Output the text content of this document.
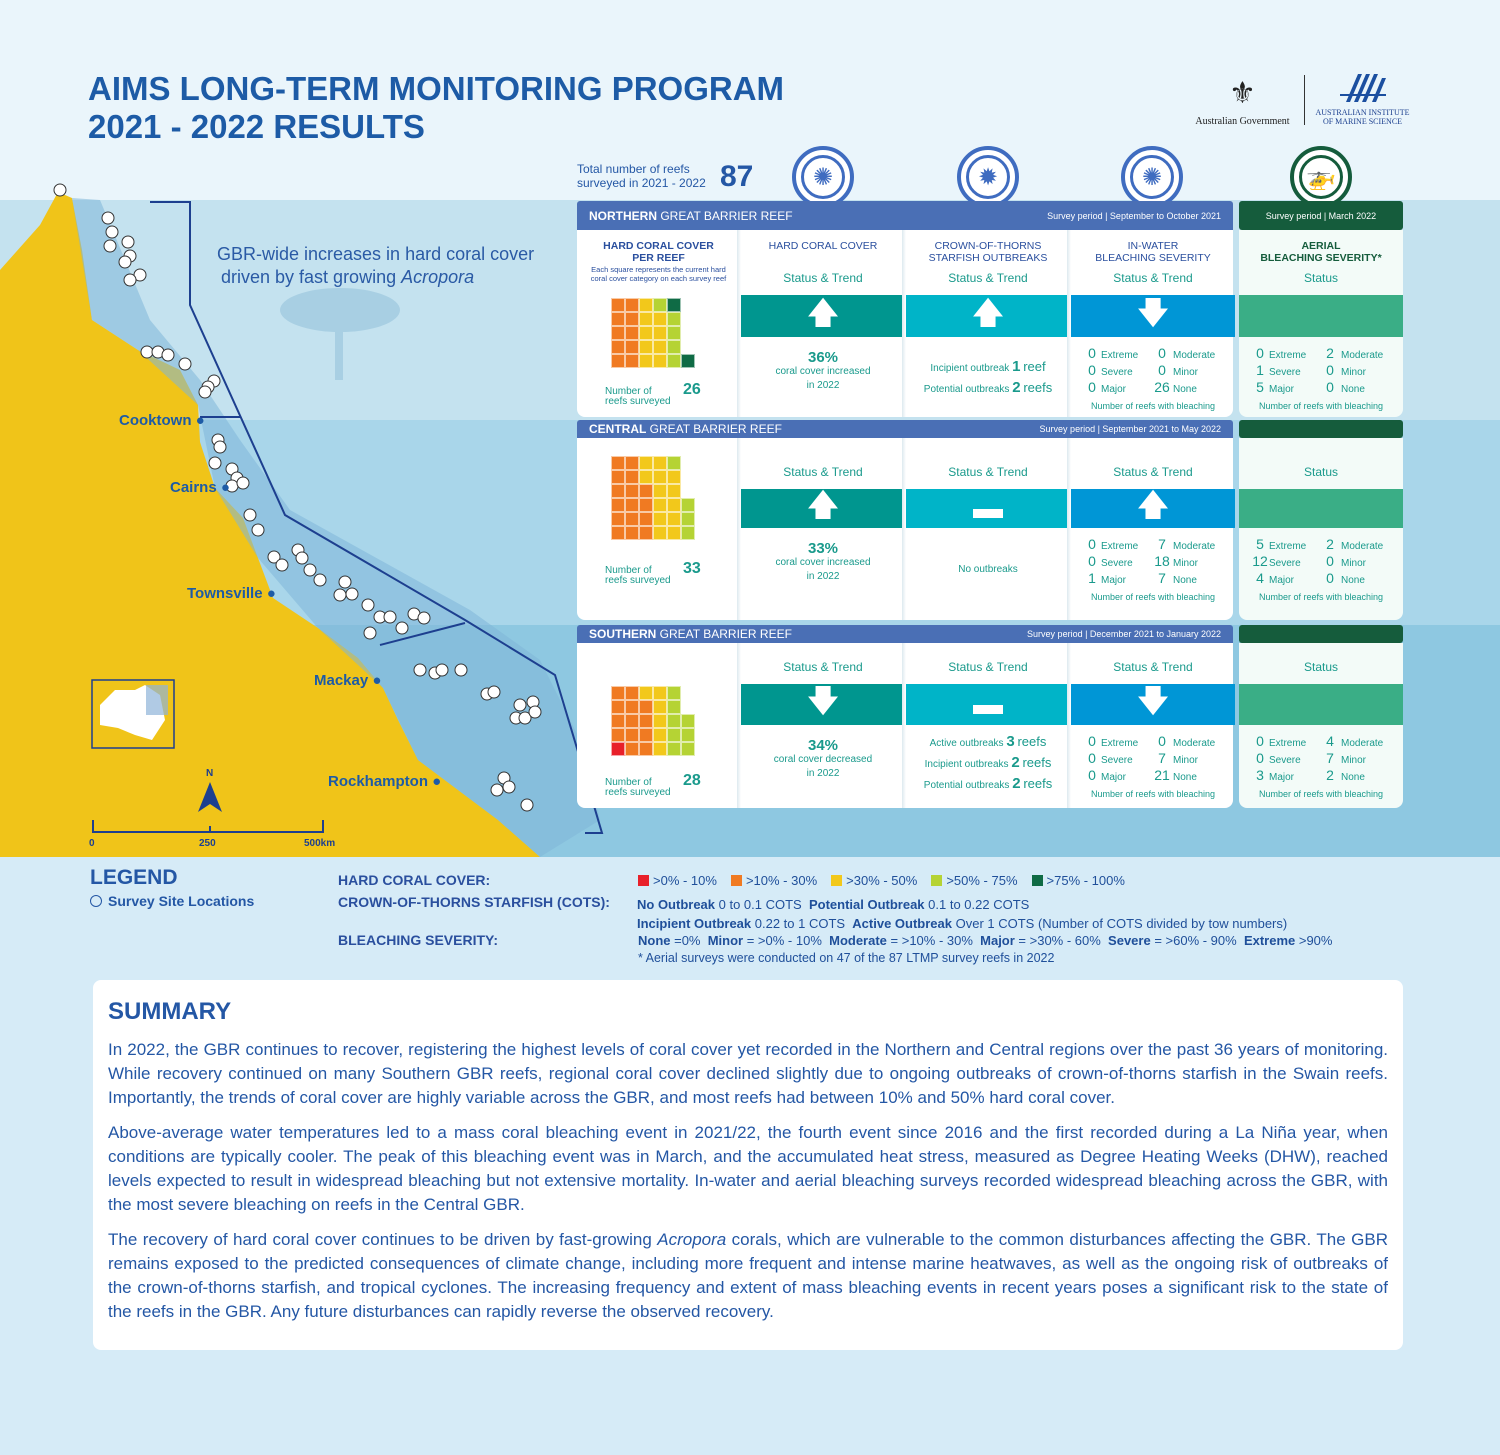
AIMS LONG-TERM MONITORING PROGRAM
2021 - 2022 RESULTS
⚜
Australian Government
AUSTRALIAN INSTITUTE
OF MARINE SCIENCE
Total number of reefs
surveyed in 2021 - 2022 87	✺	✹	✺	🚁
N
0	250	500km
GBR-wide increases in hard coral cover
driven by fast growing Acropora
Cooktown ●
Cairns ●
Townsville ●
Mackay ●
Rockhampton ●
NORTHERN GREAT BARRIER REEF	Survey period | September to October 2021	Survey period | March 2022
HARD CORAL COVER
PER REEF
Each square represents the current hard
coral cover category on each survey reef
Number of
reefs surveyed
26
HARD CORAL COVER
Status & Trend
🡅
36%
coral cover increased
in 2022
CROWN-OF-THORNS
STARFISH OUTBREAKS
Status & Trend
🡅
Incipient outbreak 1 reef
Potential outbreaks 2 reefs
IN-WATER
BLEACHING SEVERITY
Status & Trend
🡇
0 Extreme	0 Moderate
0 Severe	0 Minor
0 Major	26 None
Number of reefs with bleaching
AERIAL
BLEACHING SEVERITY*
Status
0 Extreme	2 Moderate
1 Severe	0 Minor
5 Major	0 None
Number of reefs with bleaching
CENTRAL GREAT BARRIER REEF	Survey period | September 2021 to May 2022
Number of
reefs surveyed
33
Status & Trend
🡅
33%
coral cover increased
in 2022
Status & Trend
▬
No outbreaks
Status & Trend
🡅
0 Extreme	7 Moderate
0 Severe	18 Minor
1 Major	7 None
Number of reefs with bleaching
Status
5 Extreme	2 Moderate
12 Severe	0 Minor
4 Major	0 None
Number of reefs with bleaching
SOUTHERN GREAT BARRIER REEF	Survey period | December 2021 to January 2022
Number of
reefs surveyed
28
Status & Trend
🡇
34%
coral cover decreased
in 2022
Status & Trend
▬
Active outbreaks 3 reefs
Incipient outbreaks 2 reefs
Potential outbreaks 2 reefs
Status & Trend
🡇
0 Extreme	0 Moderate
0 Severe	7 Minor
0 Major	21 None
Number of reefs with bleaching
Status
0 Extreme	4 Moderate
0 Severe	7 Minor
3 Major	2 None
Number of reefs with bleaching
LEGEND
Survey Site Locations
HARD CORAL COVER:
CROWN-OF-THORNS STARFISH (COTS):
BLEACHING SEVERITY:
>0% - 10% >10% - 30% >30% - 50% >50% - 75% >75% - 100%
No Outbreak 0 to 0.1 COTS  Potential Outbreak 0.1 to 0.22 COTS
Incipient Outbreak 0.22 to 1 COTS  Active Outbreak Over 1 COTS (Number of COTS divided by tow numbers)
None =0%  Minor = >0% - 10%  Moderate = >10% - 30%  Major = >30% - 60%  Severe = >60% - 90%  Extreme >90%
* Aerial surveys were conducted on 47 of the 87 LTMP survey reefs in 2022
SUMMARY

In 2022, the GBR continues to recover, registering the highest levels of coral cover yet recorded in the Northern and Central regions over the past 36 years of monitoring. While recovery continued on many Southern GBR reefs, regional coral cover declined slightly due to ongoing outbreaks of crown-of-thorns starfish in the Swain reefs. Importantly, the trends of coral cover are highly variable across the GBR, and most reefs had between 10% and 50% hard coral cover.

Above-average water temperatures led to a mass coral bleaching event in 2021/22, the fourth event since 2016 and the first recorded during a La Niña year, when conditions are typically cooler. The peak of this bleaching event was in March, and the accumulated heat stress, measured as Degree Heating Weeks (DHW), reached levels expected to result in widespread bleaching but not extensive mortality. In-water and aerial bleaching surveys recorded widespread bleaching across the GBR, with the most severe bleaching on reefs in the Central GBR.

The recovery of hard coral cover continues to be driven by fast-growing Acropora corals, which are vulnerable to the common disturbances affecting the GBR. The GBR remains exposed to the predicted consequences of climate change, including more frequent and intense marine heatwaves, as well as the ongoing risk of outbreaks of the crown-of-thorns starfish, and tropical cyclones. The increasing frequency and extent of mass bleaching events in recent years poses a significant risk to the state of the reefs in the GBR. Any future disturbances can rapidly reverse the observed recovery.
